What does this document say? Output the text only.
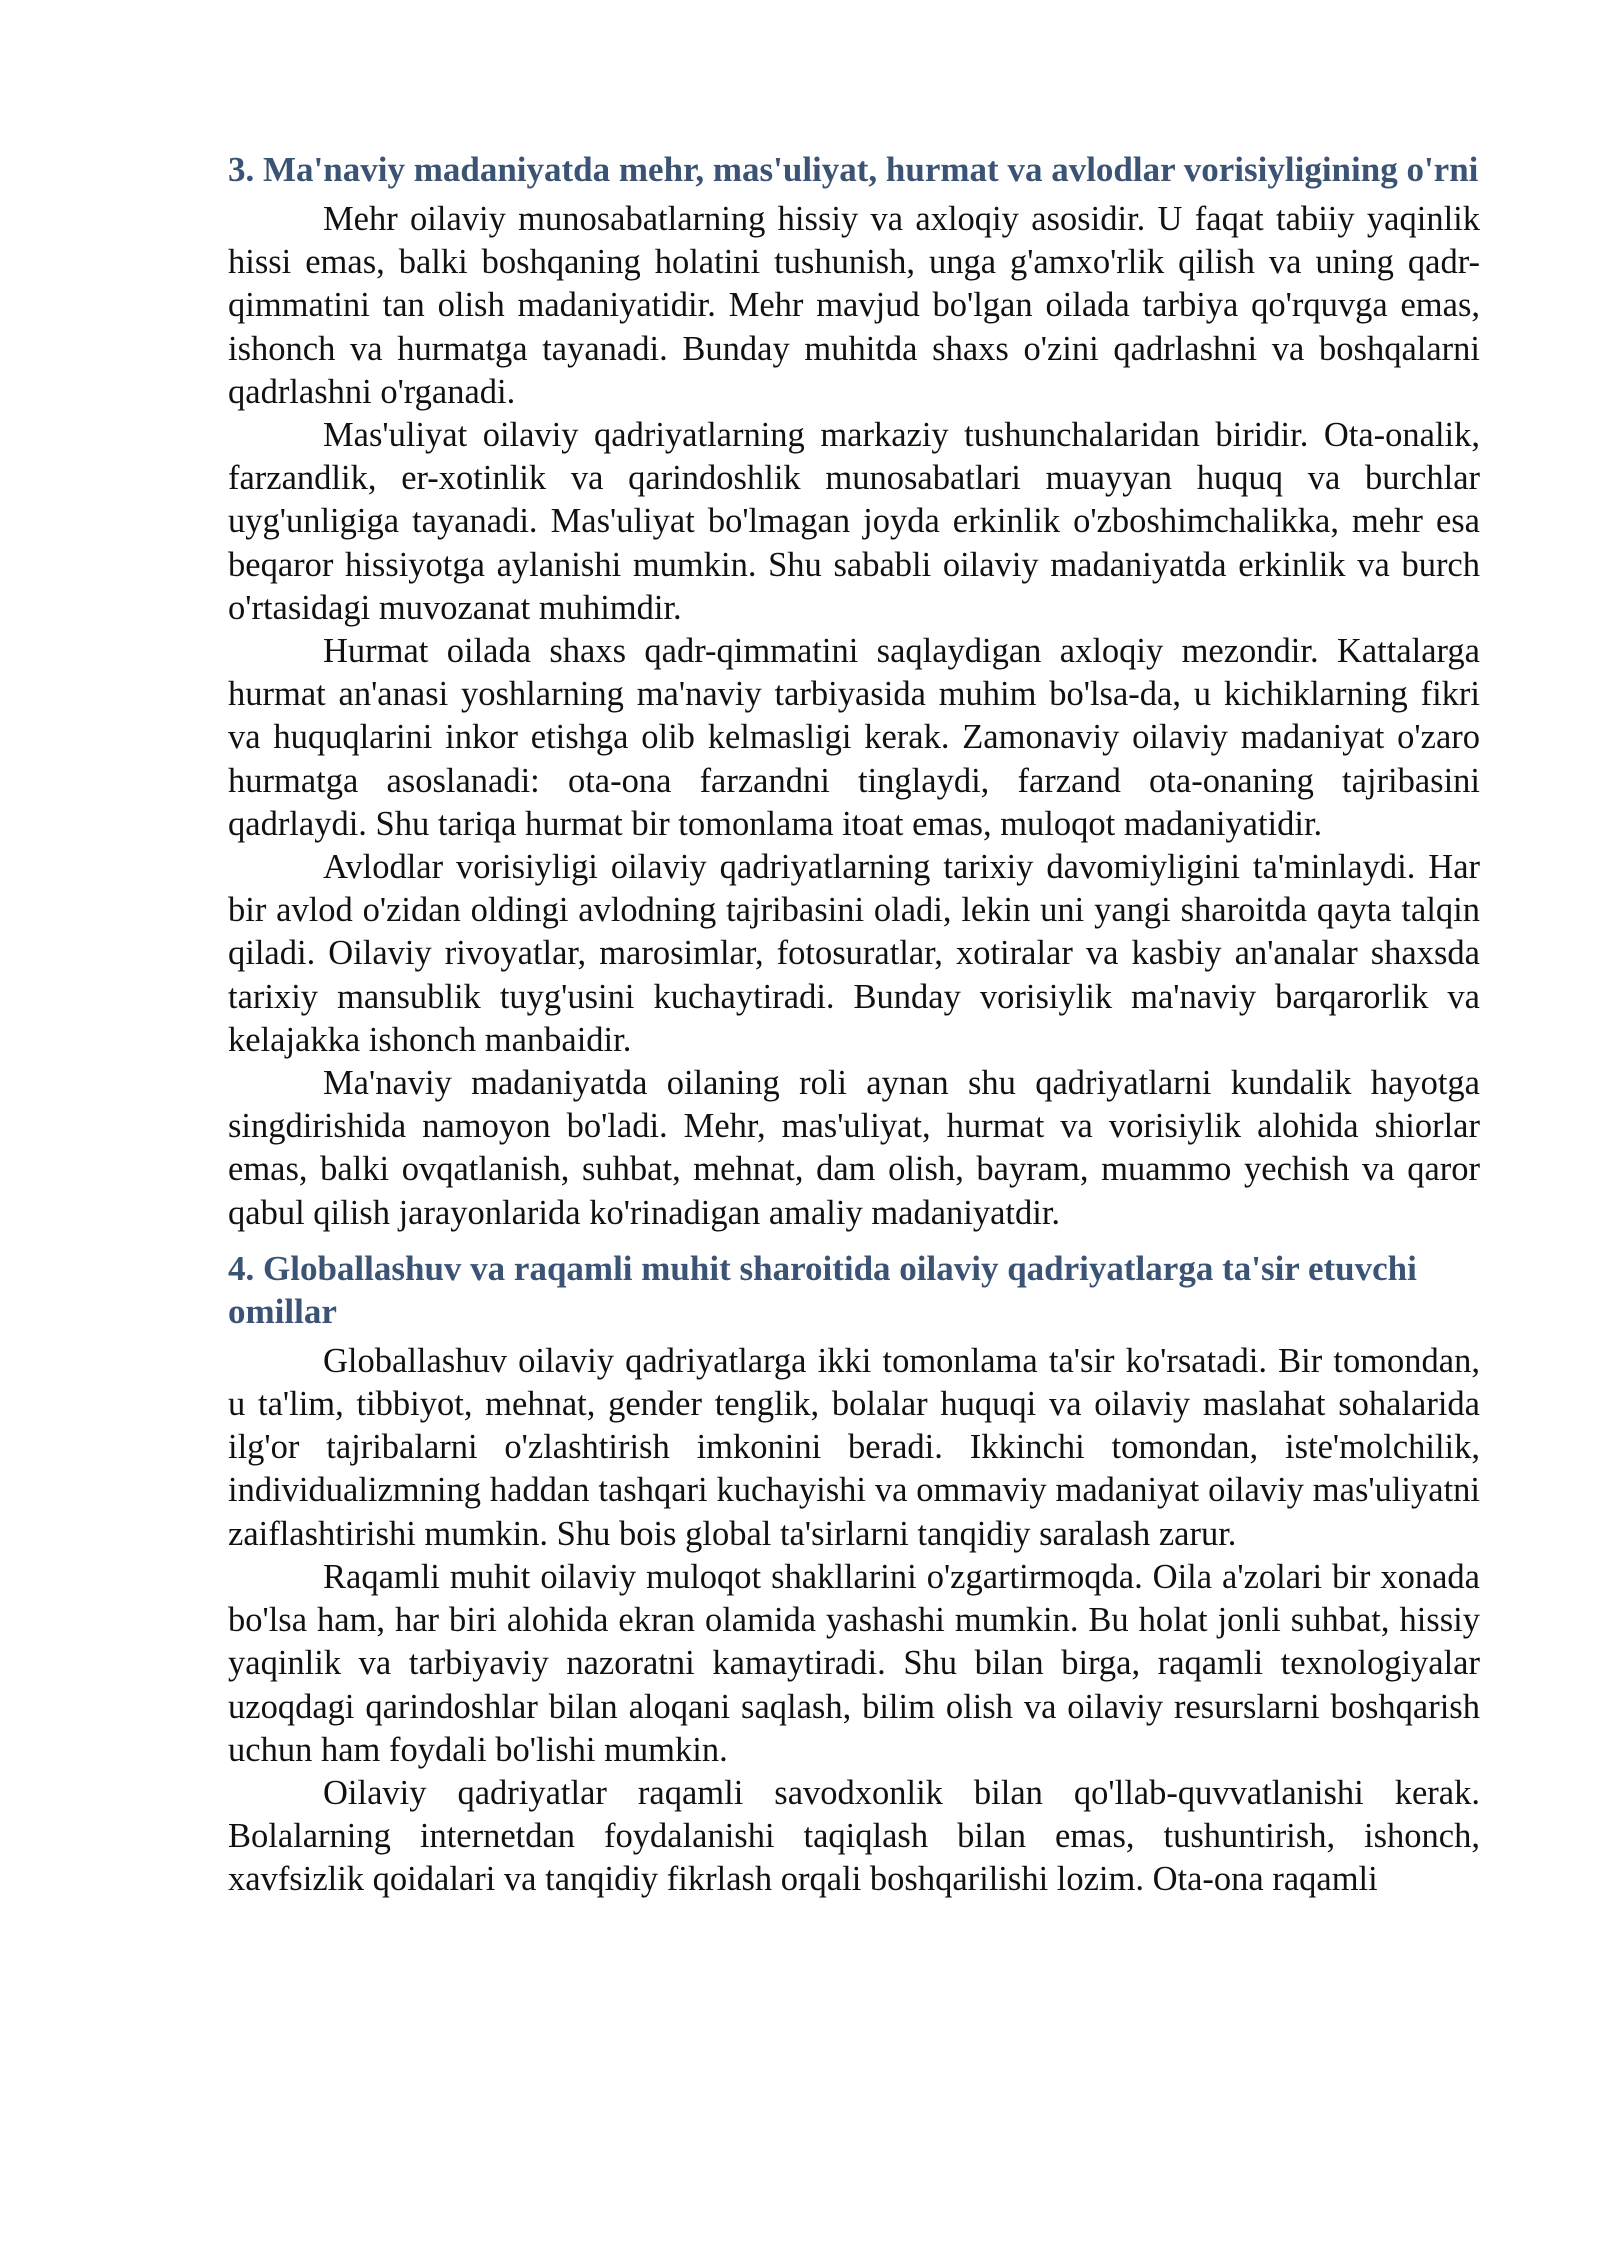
3. Ma'naviy madaniyatda mehr, mas'uliyat, hurmat va avlodlar vorisiyligining o'rni

Mehr oilaviy munosabatlarning hissiy va axloqiy asosidir. U faqat tabiiy yaqinlik hissi emas, balki boshqaning holatini tushunish, unga g'amxo'rlik qilish va uning qadr-qimmatini tan olish madaniyatidir. Mehr mavjud bo'lgan oilada tarbiya qo'rquvga emas, ishonch va hurmatga tayanadi. Bunday muhitda shaxs o'zini qadrlashni va boshqalarni qadrlashni o'rganadi.

Mas'uliyat oilaviy qadriyatlarning markaziy tushunchalaridan biridir. Ota-onalik, farzandlik, er-xotinlik va qarindoshlik munosabatlari muayyan huquq va burchlar uyg'unligiga tayanadi. Mas'uliyat bo'lmagan joyda erkinlik o'zboshimchalikka, mehr esa beqaror hissiyotga aylanishi mumkin. Shu sababli oilaviy madaniyatda erkinlik va burch o'rtasidagi muvozanat muhimdir.

Hurmat oilada shaxs qadr-qimmatini saqlaydigan axloqiy mezondir. Kattalarga hurmat an'anasi yoshlarning ma'naviy tarbiyasida muhim bo'lsa-da, u kichiklarning fikri va huquqlarini inkor etishga olib kelmasligi kerak. Zamonaviy oilaviy madaniyat o'zaro hurmatga asoslanadi: ota-ona farzandni tinglaydi, farzand ota-onaning tajribasini qadrlaydi. Shu tariqa hurmat bir tomonlama itoat emas, muloqot madaniyatidir.

Avlodlar vorisiyligi oilaviy qadriyatlarning tarixiy davomiyligini ta'minlaydi. Har bir avlod o'zidan oldingi avlodning tajribasini oladi, lekin uni yangi sharoitda qayta talqin qiladi. Oilaviy rivoyatlar, marosimlar, fotosuratlar, xotiralar va kasbiy an'analar shaxsda tarixiy mansublik tuyg'usini kuchaytiradi. Bunday vorisiylik ma'naviy barqarorlik va kelajakka ishonch manbaidir.

Ma'naviy madaniyatda oilaning roli aynan shu qadriyatlarni kundalik hayotga singdirishida namoyon bo'ladi. Mehr, mas'uliyat, hurmat va vorisiylik alohida shiorlar emas, balki ovqatlanish, suhbat, mehnat, dam olish, bayram, muammo yechish va qaror qabul qilish jarayonlarida ko'rinadigan amaliy madaniyatdir.

4. Globallashuv va raqamli muhit sharoitida oilaviy qadriyatlarga ta'sir etuvchi omillar

Globallashuv oilaviy qadriyatlarga ikki tomonlama ta'sir ko'rsatadi. Bir tomondan, u ta'lim, tibbiyot, mehnat, gender tenglik, bolalar huquqi va oilaviy maslahat sohalarida ilg'or tajribalarni o'zlashtirish imkonini beradi. Ikkinchi tomondan, iste'molchilik, individualizmning haddan tashqari kuchayishi va ommaviy madaniyat oilaviy mas'uliyatni zaiflashtirishi mumkin. Shu bois global ta'sirlarni tanqidiy saralash zarur.

Raqamli muhit oilaviy muloqot shakllarini o'zgartirmoqda. Oila a'zolari bir xonada bo'lsa ham, har biri alohida ekran olamida yashashi mumkin. Bu holat jonli suhbat, hissiy yaqinlik va tarbiyaviy nazoratni kamaytiradi. Shu bilan birga, raqamli texnologiyalar uzoqdagi qarindoshlar bilan aloqani saqlash, bilim olish va oilaviy resurslarni boshqarish uchun ham foydali bo'lishi mumkin.

Oilaviy qadriyatlar raqamli savodxonlik bilan qo'llab-quvvatlanishi kerak. Bolalarning internetdan foydalanishi taqiqlash bilan emas, tushuntirish, ishonch, xavfsizlik qoidalari va tanqidiy fikrlash orqali boshqarilishi lozim. Ota-ona raqamli
